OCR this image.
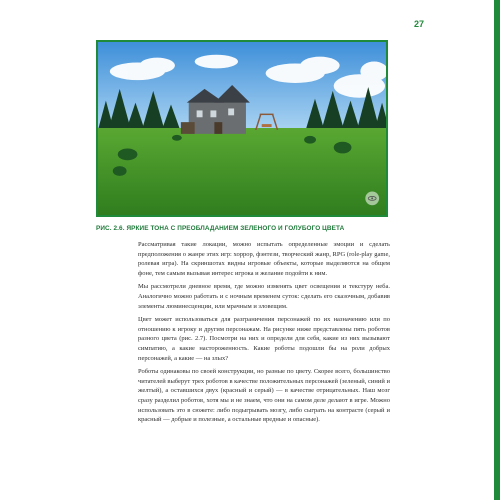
27
РИС. 2.6. ЯРКИЕ ТОНА С ПРЕОБЛАДАНИЕМ ЗЕЛЕНОГО И ГОЛУБОГО ЦВЕТА

Рассматривая такие локации, можно испытать определенные эмоции и сделать предположения о жанре этих игр: хоррор, фэнтези, творческий жанр, RPG (role-play game, ролевая игра). На скриншотах видны игровые объекты, которые выделяются на общем фоне, тем самым вызывая интерес игрока и желание подойти к ним.

Мы рассмотрели дневное время, где можно изменять цвет освещения и текстуру неба. Аналогично можно работать и с ночным временем суток: сделать его сказочным, добавив элементы люминесценции, или мрачным и зловещим.

Цвет может использоваться для разграничения персонажей по их назначению или по отношению к игроку и другим персонажам. На рисунке ниже представлены пять роботов разного цвета (рис. 2.7). Посмотри на них и определи для себя, какие из них вызывают симпатию, а какие настороженность. Какие роботы подошли бы на роли добрых персонажей, а какие — на злых?

Роботы одинаковы по своей конструкции, но разные по цвету. Скорее всего, большинство читателей выберут трех роботов в качестве положительных персонажей (зеленый, синий и желтый), а оставшихся двух (красный и серый) — в качестве отрицательных. Наш мозг сразу разделил роботов, хотя мы и не знаем, что они на самом деле делают в игре. Можно использовать это в сюжете: либо подыгрывать мозгу, либо сыграть на контрасте (серый и красный — добрые и полезные, а остальные вредные и опасные).
